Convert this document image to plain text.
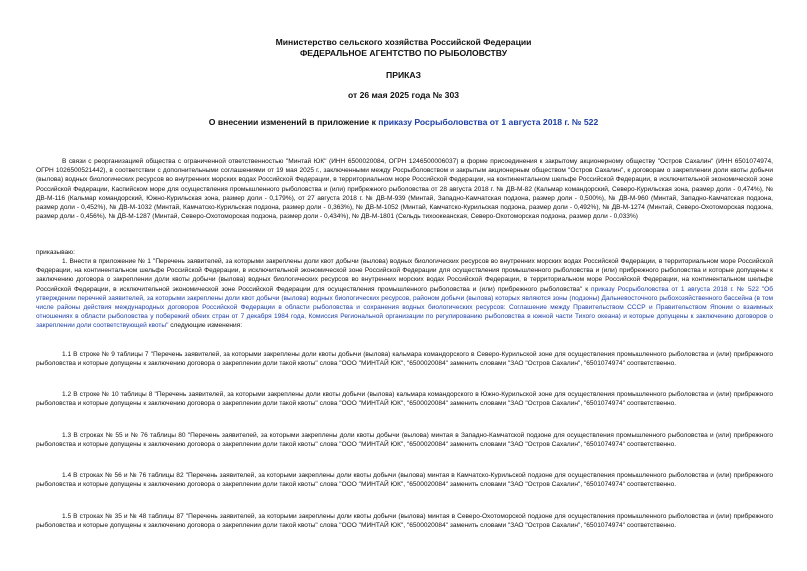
Министерство сельского хозяйства Российской Федерации
ФЕДЕРАЛЬНОЕ АГЕНТСТВО ПО РЫБОЛОВСТВУ
ПРИКАЗ
от 26 мая 2025 года № 303
О внесении изменений в приложение к приказу Росрыболовства от 1 августа 2018 г. № 522
В связи с реорганизацией общества с ограниченной ответственностью "Минтай ЮК" (ИНН 6500020084, ОГРН 1246500006037) в форме присоединения к закрытому акционерному обществу "Остров Сахалин" (ИНН 6501074974, ОГРН 1026500521442), в соответствии с дополнительными соглашениями от 19 мая 2025 г., заключенными между Росрыболовством и закрытым акционерным обществом "Остров Сахалин", к договорам о закреплении доли квоты добычи (вылова) водных биологических ресурсов во внутренних морских водах Российской Федерации, в территориальном море Российской Федерации, на континентальном шельфе Российской Федерации, в исключительной экономической зоне Российской Федерации, Каспийском море для осуществления промышленного рыболовства и (или) прибрежного рыболовства от 28 августа 2018 г. № ДВ-М-82 (Кальмар командорский, Северо-Курильская зона, размер доли - 0,474%), № ДВ-М-116 (Кальмар командорский, Южно-Курильская зона, размер доли - 0,179%), от 27 августа 2018 г. № ДВ-М-939 (Минтай, Западно-Камчатская подзона, размер доли - 0,500%), № ДВ-М-960 (Минтай, Западно-Камчатская подзона, размер доли - 0,452%), № ДВ-М-1032 (Минтай, Камчатско-Курильская подзона, размер доли - 0,363%), № ДВ-М-1052 (Минтай, Камчатско-Курильская подзона, размер доли - 0,492%), № ДВ-М-1274 (Минтай, Северо-Охотоморская подзона, размер доли - 0,456%), № ДВ-М-1287 (Минтай, Северо-Охотоморская подзона, размер доли - 0,434%), № ДВ-М-1801 (Сельдь тихоокеанская, Северо-Охотоморская подзона, размер доли - 0,033%)
приказываю:
1. Внести в приложение № 1 "Перечень заявителей, за которыми закреплены доли квот добычи (вылова) водных биологических ресурсов во внутренних морских водах Российской Федерации, в территориальном море Российской Федерации, на континентальном шельфе Российской Федерации, в исключительной экономической зоне Российской Федерации для осуществления промышленного рыболовства и (или) прибрежного рыболовства и которые допущены к заключению договора о закреплении доли квоты добычи (вылова) водных биологических ресурсов во внутренних морских водах Российской Федерации, в территориальном море Российской Федерации, на континентальном шельфе Российской Федерации, в исключительной экономической зоне Российской Федерации для осуществления промышленного рыболовства и (или) прибрежного рыболовства" к приказу Росрыболовства от 1 августа 2018 г. № 522 "Об утверждении перечней заявителей, за которыми закреплены доли квот добычи (вылова) водных биологических ресурсов, районом добычи (вылова) которых являются зоны (подзоны) Дальневосточного рыбохозяйственного бассейна (в том числе районы действия международных договоров Российской Федерации в области рыболовства и сохранения водных биологических ресурсов: Соглашение между Правительством СССР и Правительством Японии о взаимных отношениях в области рыболовства у побережий обеих стран от 7 декабря 1984 года, Комиссия Региональной организации по регулированию рыболовства в южной части Тихого океана) и которые допущены к заключению договоров о закреплении доли соответствующей квоты" следующие изменения:
1.1 В строке № 9 таблицы 7 "Перечень заявителей, за которыми закреплены доли квоты добычи (вылова) кальмара командорского в Северо-Курильской зоне для осуществления промышленного рыболовства и (или) прибрежного рыболовства и которые допущены к заключению договора о закреплении доли такой квоты" слова "ООО "МИНТАЙ ЮК", "6500020084" заменить словами "ЗАО "Остров Сахалин", "6501074974" соответственно.
1.2 В строке № 10 таблицы 8 "Перечень заявителей, за которыми закреплены доли квоты добычи (вылова) кальмара командорского в Южно-Курильской зоне для осуществления промышленного рыболовства и (или) прибрежного рыболовства и которые допущены к заключению договора о закреплении доли такой квоты" слова "ООО "МИНТАЙ ЮК", "6500020084" заменить словами "ЗАО "Остров Сахалин", "6501074974" соответственно.
1.3 В строках № 55 и № 76 таблицы 80 "Перечень заявителей, за которыми закреплены доли квоты добычи (вылова) минтая в Западно-Камчатской подзоне для осуществления промышленного рыболовства и (или) прибрежного рыболовства и которые допущены к заключению договора о закреплении доли такой квоты" слова "ООО "МИНТАЙ ЮК", "6500020084" заменить словами "ЗАО "Остров Сахалин", "6501074974" соответственно.
1.4 В строках № 56 и № 76 таблицы 82 "Перечень заявителей, за которыми закреплены доли квоты добычи (вылова) минтая в Камчатско-Курильской подзоне для осуществления промышленного рыболовства и (или) прибрежного рыболовства и которые допущены к заключению договора о закреплении доли такой квоты" слова "ООО "МИНТАЙ ЮК", "6500020084" заменить словами "ЗАО "Остров Сахалин", "6501074974" соответственно.
1.5 В строках № 35 и № 48 таблицы 87 "Перечень заявителей, за которыми закреплены доли квоты добычи (вылова) минтая в Северо-Охотоморской подзоне для осуществления промышленного рыболовства и (или) прибрежного рыболовства и которые допущены к заключению договора о закреплении доли такой квоты" слова "ООО "МИНТАЙ ЮК", "6500020084" заменить словами "ЗАО "Остров Сахалин", "6501074974" соответственно.
